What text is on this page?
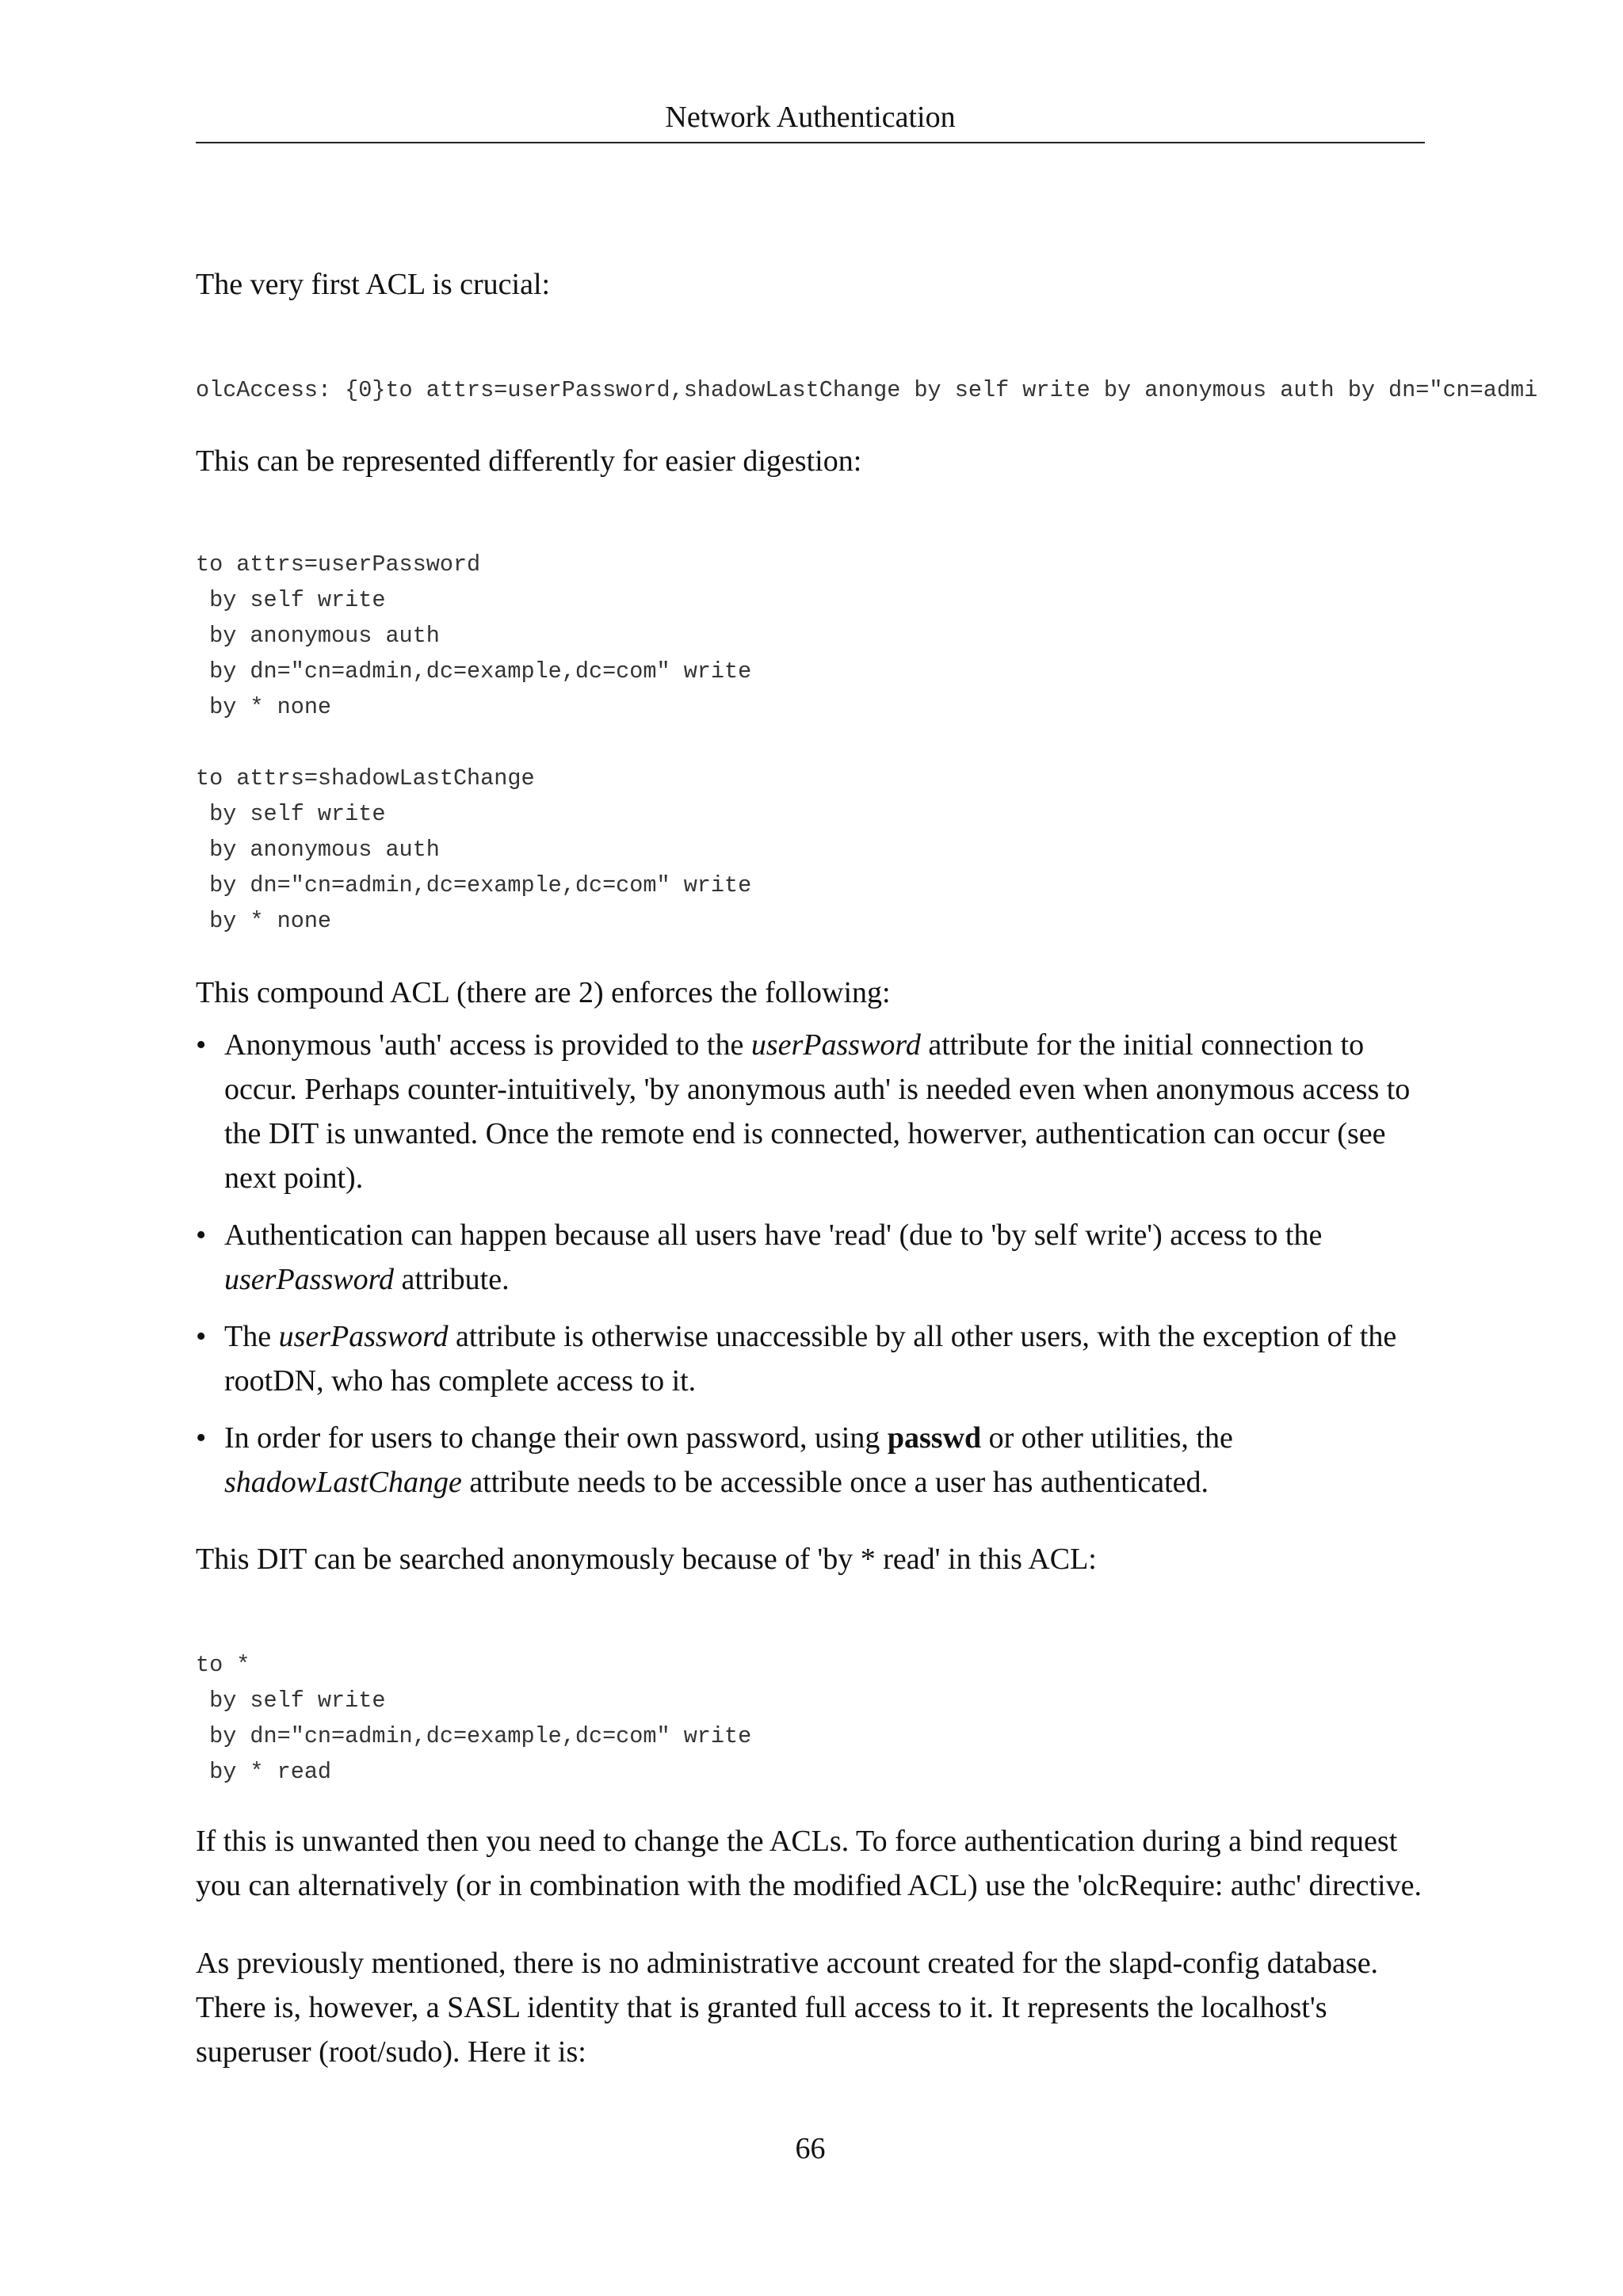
Network Authentication

The very first ACL is crucial:

olcAccess: {0}to attrs=userPassword,shadowLastChange by self write by anonymous auth by dn="cn=admi

This can be represented differently for easier digestion:

to attrs=userPassword
by self write
by anonymous auth
by dn="cn=admin,dc=example,dc=com" write
by * none

to attrs=shadowLastChange
by self write
by anonymous auth
by dn="cn=admin,dc=example,dc=com" write
by * none

This compound ACL (there are 2) enforces the following:

• Anonymous 'auth' access is provided to the userPassword attribute for the initial connection to occur. Perhaps counter-intuitively, 'by anonymous auth' is needed even when anonymous access to the DIT is unwanted. Once the remote end is connected, howerver, authentication can occur (see next point).
• Authentication can happen because all users have 'read' (due to 'by self write') access to the userPassword attribute.
• The userPassword attribute is otherwise unaccessible by all other users, with the exception of the rootDN, who has complete access to it.
• In order for users to change their own password, using passwd or other utilities, the shadowLastChange attribute needs to be accessible once a user has authenticated.

This DIT can be searched anonymously because of 'by * read' in this ACL:

to *
by self write
by dn="cn=admin,dc=example,dc=com" write
by * read

If this is unwanted then you need to change the ACLs. To force authentication during a bind request you can alternatively (or in combination with the modified ACL) use the 'olcRequire: authc' directive.

As previously mentioned, there is no administrative account created for the slapd-config database. There is, however, a SASL identity that is granted full access to it. It represents the localhost's superuser (root/sudo). Here it is:

66
